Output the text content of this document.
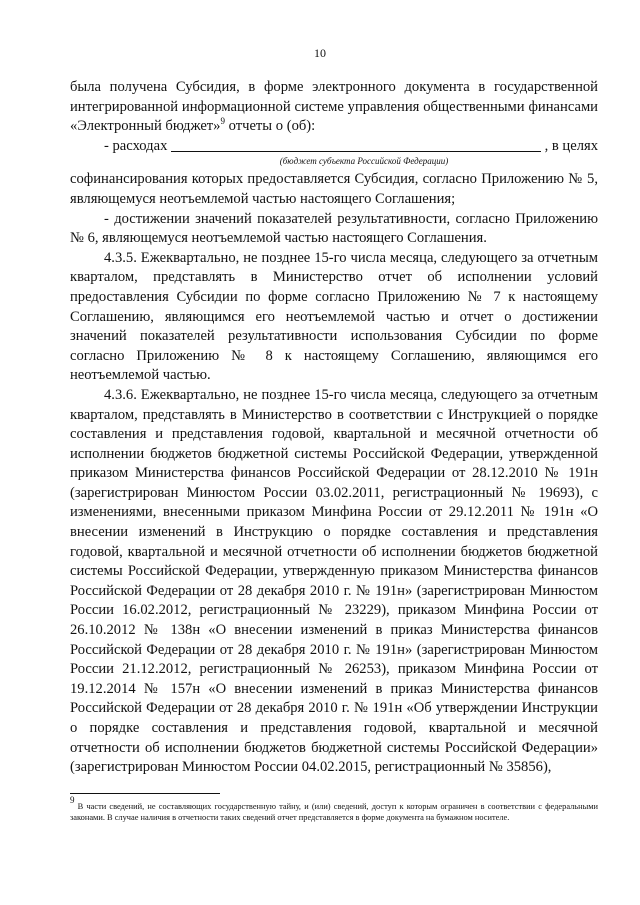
10

была получена Субсидия, в форме электронного документа в государственной интегрированной информационной системе управления общественными финансами «Электронный бюджет»$^9$ отчеты о (об):

- расходах	, в целях
(бюджет субъекта Российской Федерации)

софинансирования которых предоставляется Субсидия, согласно Приложению № 5, являющемуся неотъемлемой частью настоящего Соглашения;

- достижении значений показателей результативности, согласно Приложению № 6, являющемуся неотъемлемой частью настоящего Соглашения.

4.3.5. Ежеквартально, не позднее 15-го числа месяца, следующего за отчетным кварталом, представлять в Министерство отчет об исполнении условий предоставления Субсидии по форме согласно Приложению № 7 к настоящему Соглашению, являющимся его неотъемлемой частью и отчет о достижении значений показателей результативности использования Субсидии по форме согласно Приложению № 8 к настоящему Соглашению, являющимся его неотъемлемой частью.

4.3.6. Ежеквартально, не позднее 15-го числа месяца, следующего за отчетным кварталом, представлять в Министерство в соответствии с Инструкцией о порядке составления и представления годовой, квартальной и месячной отчетности об исполнении бюджетов бюджетной системы Российской Федерации, утвержденной приказом Министерства финансов Российской Федерации от 28.12.2010 № 191н (зарегистрирован Минюстом России 03.02.2011, регистрационный № 19693), с изменениями, внесенными приказом Минфина России от 29.12.2011 № 191н «О внесении изменений в Инструкцию о порядке составления и представления годовой, квартальной и месячной отчетности об исполнении бюджетов бюджетной системы Российской Федерации, утвержденную приказом Министерства финансов Российской Федерации от 28 декабря 2010 г. № 191н» (зарегистрирован Минюстом России 16.02.2012, регистрационный № 23229), приказом Минфина России от 26.10.2012 № 138н «О внесении изменений в приказ Министерства финансов Российской Федерации от 28 декабря 2010 г. № 191н» (зарегистрирован Минюстом России 21.12.2012, регистрационный № 26253), приказом Минфина России от 19.12.2014 № 157н «О внесении изменений в приказ Министерства финансов Российской Федерации от 28 декабря 2010 г. № 191н «Об утверждении Инструкции о порядке составления и представления годовой, квартальной и месячной отчетности об исполнении бюджетов бюджетной системы Российской Федерации» (зарегистрирован Минюстом России 04.02.2015, регистрационный № 35856),

$^9$ В части сведений, не составляющих государственную тайну, и (или) сведений, доступ к которым ограничен в соответствии с федеральными законами. В случае наличия в отчетности таких сведений отчет представляется в форме документа на бумажном носителе.
